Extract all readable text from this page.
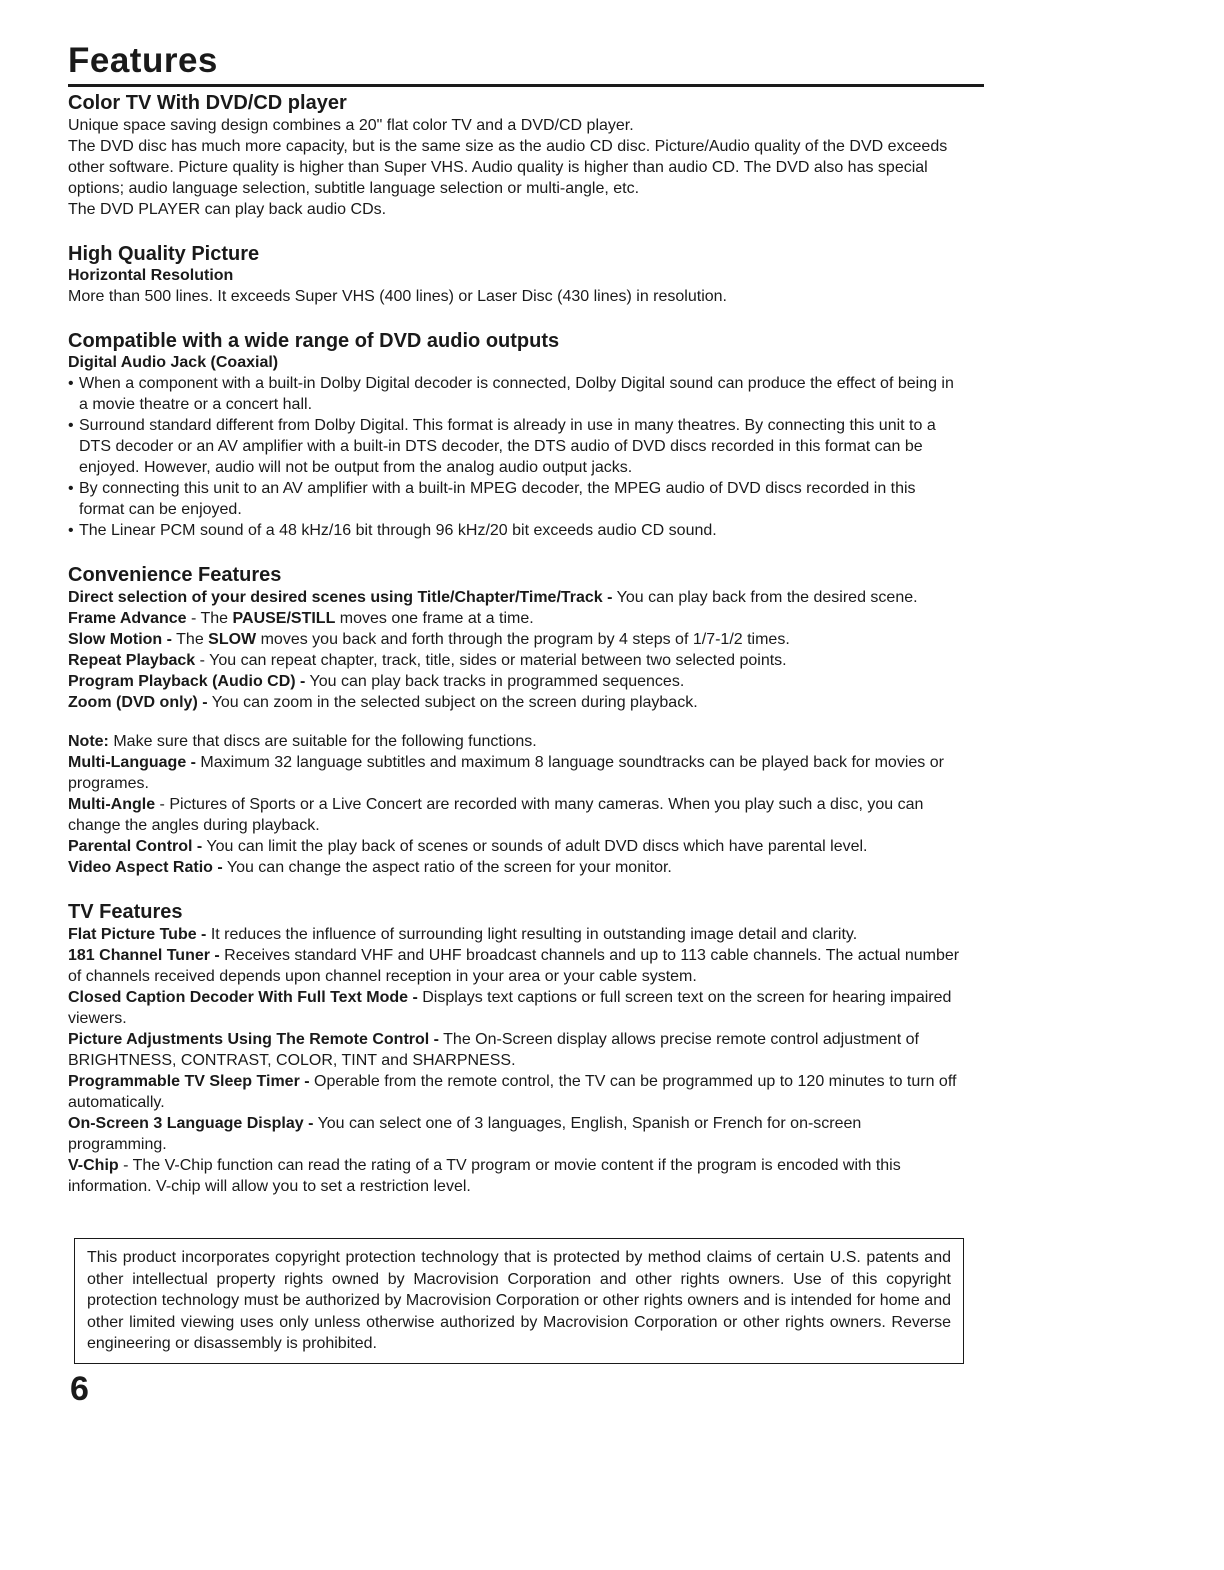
Features
Color TV With DVD/CD player

Unique space saving design combines a 20" flat color TV and a DVD/CD player.

The DVD disc has much more capacity, but is the same size as the audio CD disc. Picture/Audio quality of the DVD exceeds other software. Picture quality is higher than Super VHS. Audio quality is higher than audio CD. The DVD also has special options; audio language selection, subtitle language selection or multi-angle, etc.

The DVD PLAYER can play back audio CDs.

High Quality Picture
Horizontal Resolution

More than 500 lines. It exceeds Super VHS (400 lines) or Laser Disc (430 lines) in resolution.

Compatible with a wide range of DVD audio outputs
Digital Audio Jack (Coaxial)
• When a component with a built-in Dolby Digital decoder is connected, Dolby Digital sound can produce the effect of being in a movie theatre or a concert hall.
• Surround standard different from Dolby Digital. This format is already in use in many theatres. By connecting this unit to a DTS decoder or an AV amplifier with a built-in DTS decoder, the DTS audio of DVD discs recorded in this format can be enjoyed. However, audio will not be output from the analog audio output jacks.
• By connecting this unit to an AV amplifier with a built-in MPEG decoder, the MPEG audio of DVD discs recorded in this format can be enjoyed.
• The Linear PCM sound of a 48 kHz/16 bit through 96 kHz/20 bit exceeds audio CD sound.
Convenience Features

Direct selection of your desired scenes using Title/Chapter/Time/Track - You can play back from the desired scene.

Frame Advance - The PAUSE/STILL moves one frame at a time.

Slow Motion - The SLOW moves you back and forth through the program by 4 steps of 1/7-1/2 times.

Repeat Playback - You can repeat chapter, track, title, sides or material between two selected points.

Program Playback (Audio CD) - You can play back tracks in programmed sequences.

Zoom (DVD only) - You can zoom in the selected subject on the screen during playback.

Note: Make sure that discs are suitable for the following functions.

Multi-Language - Maximum 32 language subtitles and maximum 8 language soundtracks can be played back for movies or programes.

Multi-Angle - Pictures of Sports or a Live Concert are recorded with many cameras. When you play such a disc, you can change the angles during playback.

Parental Control - You can limit the play back of scenes or sounds of adult DVD discs which have parental level.

Video Aspect Ratio - You can change the aspect ratio of the screen for your monitor.

TV Features

Flat Picture Tube - It reduces the influence of surrounding light resulting in outstanding image detail and clarity.

181 Channel Tuner - Receives standard VHF and UHF broadcast channels and up to 113 cable channels. The actual number of channels received depends upon channel reception in your area or your cable system.

Closed Caption Decoder With Full Text Mode - Displays text captions or full screen text on the screen for hearing impaired viewers.

Picture Adjustments Using The Remote Control - The On-Screen display allows precise remote control adjustment of BRIGHTNESS, CONTRAST, COLOR, TINT and SHARPNESS.

Programmable TV Sleep Timer - Operable from the remote control, the TV can be programmed up to 120 minutes to turn off automatically.

On-Screen 3 Language Display - You can select one of 3 languages, English, Spanish or French for on-screen programming.

V-Chip - The V-Chip function can read the rating of a TV program or movie content if the program is encoded with this information. V-chip will allow you to set a restriction level.

This product incorporates copyright protection technology that is protected by method claims of certain U.S. patents and other intellectual property rights owned by Macrovision Corporation and other rights owners. Use of this copyright protection technology must be authorized by Macrovision Corporation or other rights owners and is intended for home and other limited viewing uses only unless otherwise authorized by Macrovision Corporation or other rights owners. Reverse engineering or disassembly is prohibited.
6
